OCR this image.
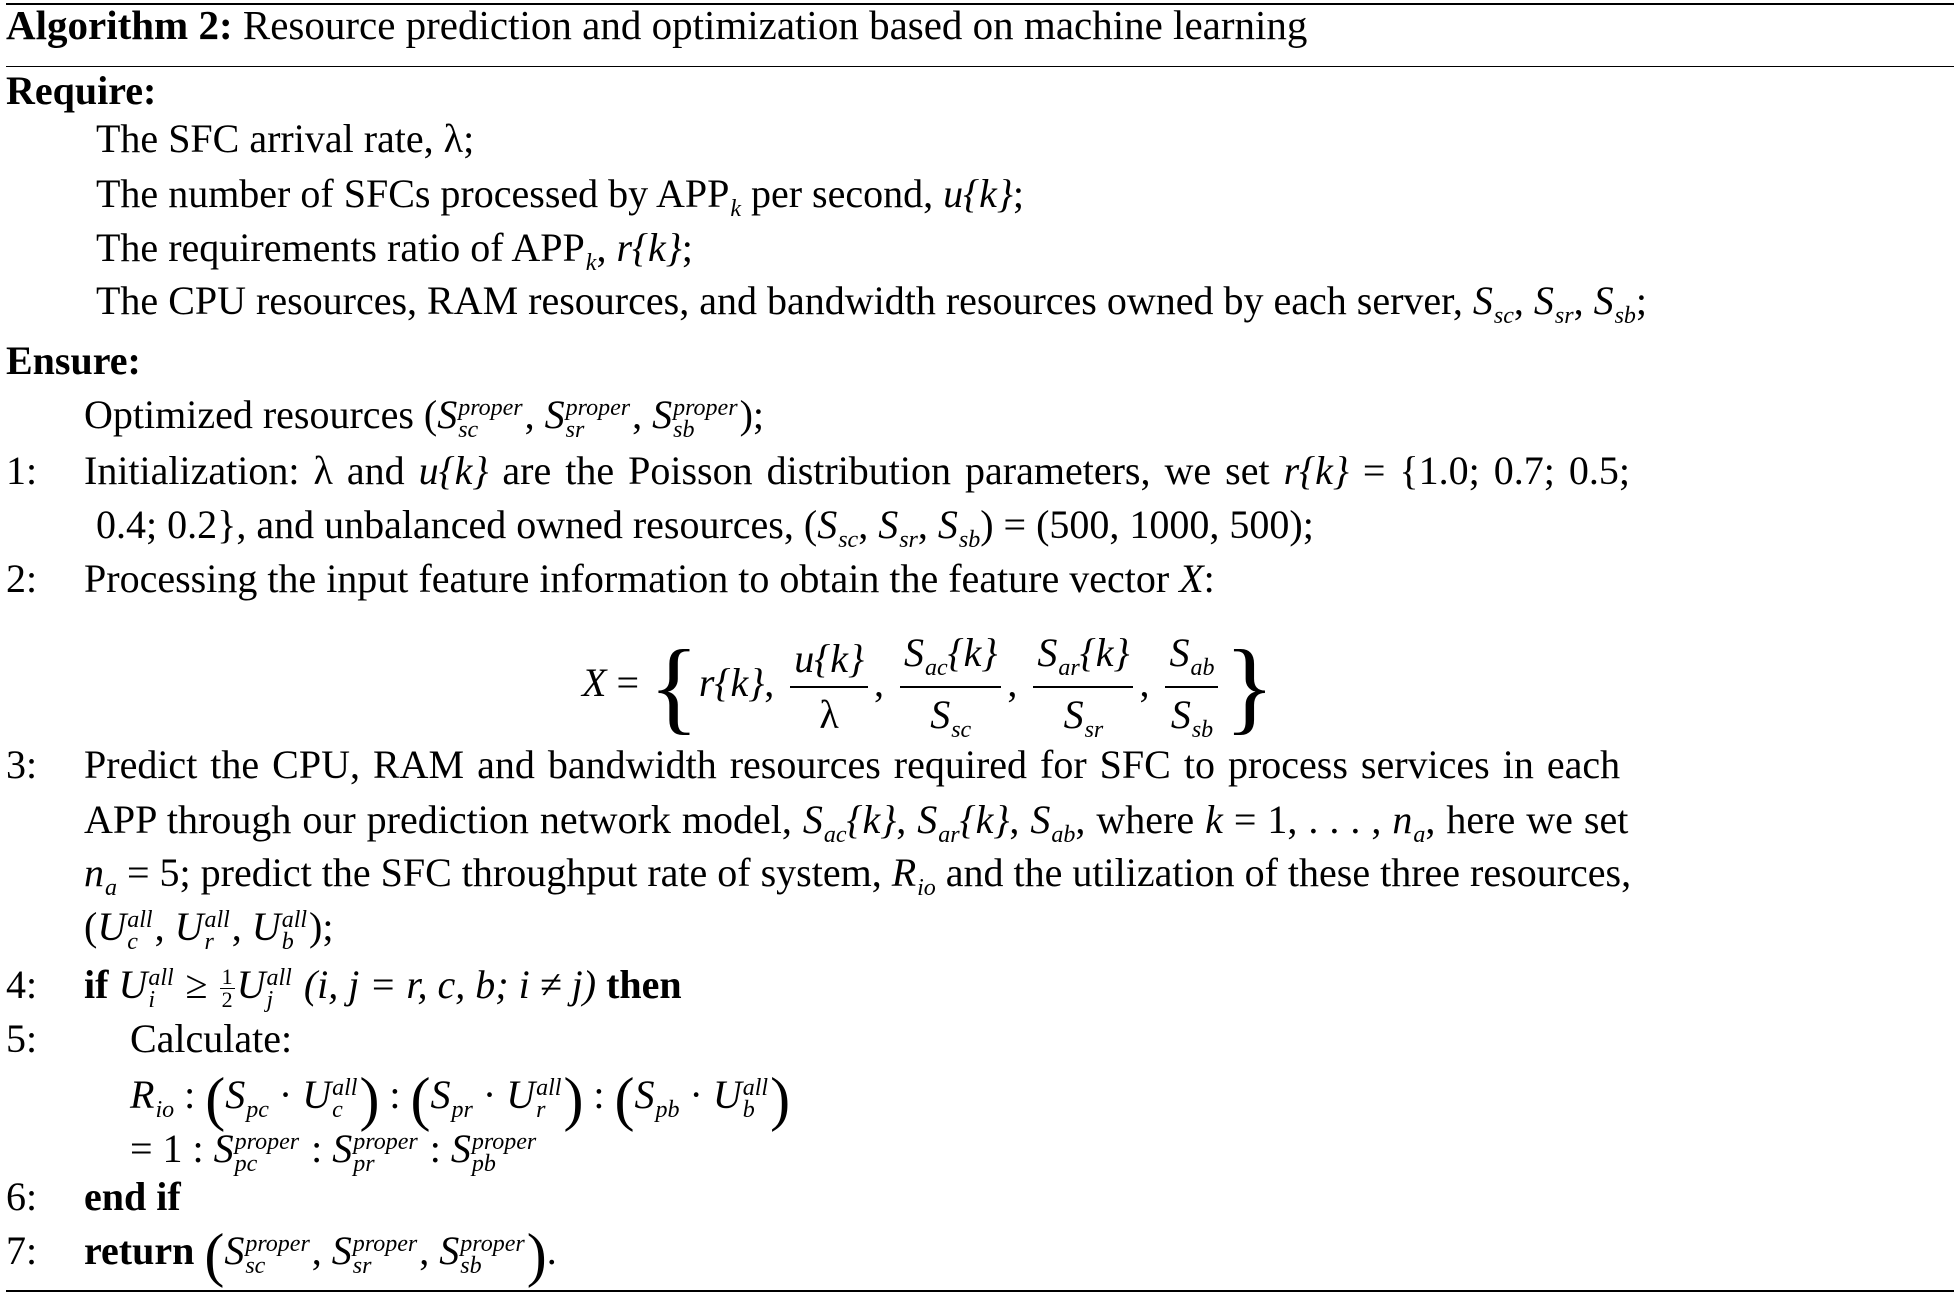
Algorithm 2: Resource prediction and optimization based on machine learning
Require:
The SFC arrival rate, λ;
The number of SFCs processed by $APP_k$ per second, u{k};
The requirements ratio of $APP_k$, r{k};
The CPU resources, RAM resources, and bandwidth resources owned by each server, $S_{sc}$, $S_{sr}$, $S_{sb}$;
Ensure:
Optimized resources (S proper
sc	, S proper
sr	, S proper
sb	);
1: Initialization: λ and u{k} are the Poisson distribution parameters, we set r{k} = {1.0; 0.7; 0.5;
0.4; 0.2}, and unbalanced owned resources, ($S_{sc}$, $S_{sr}$, $S_{sb}) = (500$, 1000, 500);
2: Processing the input feature information to obtain the feature vector X:
X = {r{k}, $\frac{u\{k\}}{\lambda}$ , $\frac{S_{ac}\{k\}}{S_{sc}}$ , $\frac{S_{ar}\{k\}}{S_{sr}}$ , $\frac{S_{ab}}{S_{sb}}$ }
3: Predict the CPU, RAM and bandwidth resources required for SFC to process services in each
APP through our prediction network model, $S_{ac}\{k\}$, $S_{ar}\{k\}$, $S_{ab}$, where k = 1, . . . , $n_a$, here we set
$n_a = 5$; predict the SFC throughput rate of system, $R_{io}$ and the utilization of these three resources,
(U all
c , U all
r , U all
b );
4: if U all
$i \ge \frac{1}{2}$ U all
j (i, j = r, c, b; i ≠ j) then
5: Calculate:
$R_{io}$ : ($S_{pc} \cdot U$ all
c ) : ($S_{pr} \cdot U$ all
r ) : ($S_{pb} \cdot U$ all
b )
= 1 : S proper
pc	: S proper
pr	: S proper
pb
6: end if
7: return (S proper
sc	, S proper
sr	, S proper
sb ).
